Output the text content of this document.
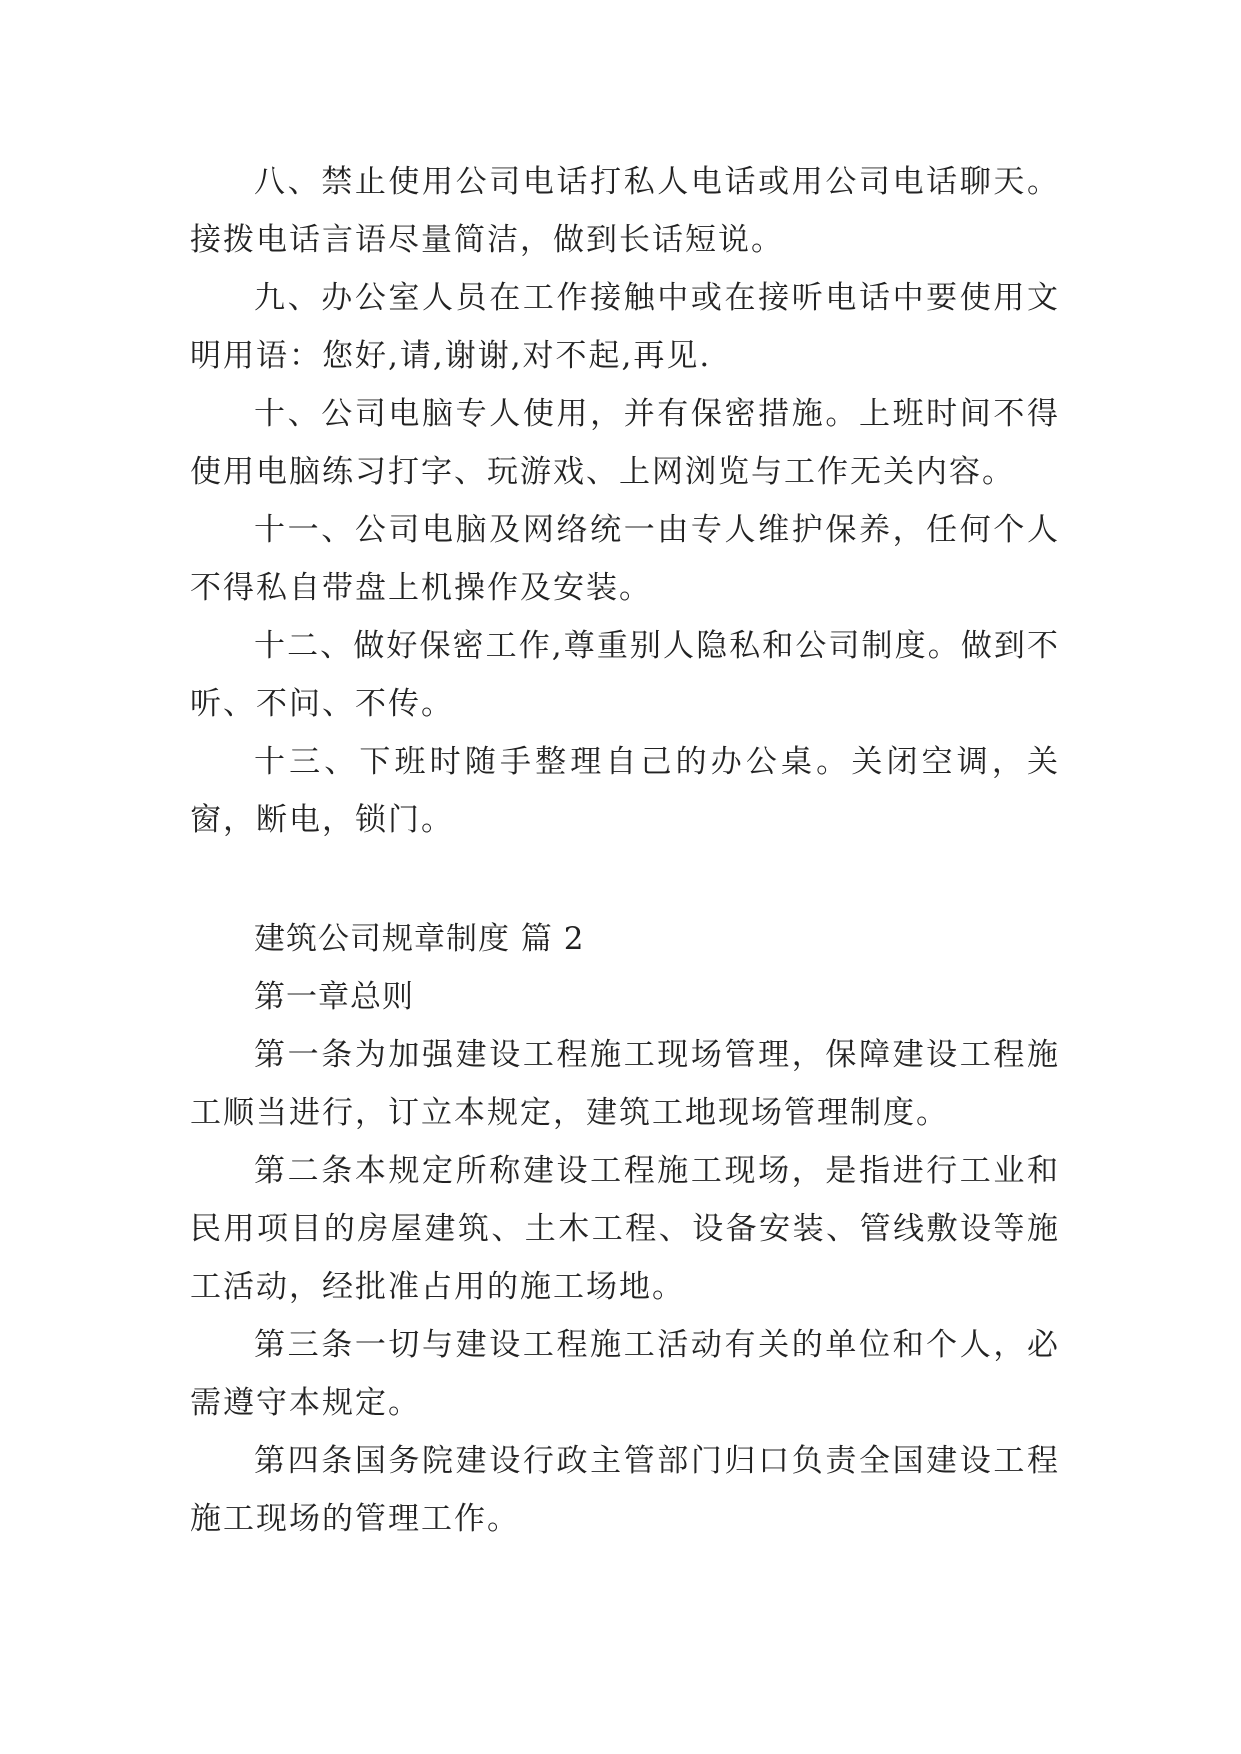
八、禁止使用公司电话打私人电话或用公司电话聊天。接拨电话言语尽量简洁，做到长话短说。

九、办公室人员在工作接触中或在接听电话中要使用文明用语：您好,请,谢谢,对不起,再见.

十、公司电脑专人使用，并有保密措施。上班时间不得使用电脑练习打字、玩游戏、上网浏览与工作无关内容。

十一、公司电脑及网络统一由专人维护保养，任何个人不得私自带盘上机操作及安装。

十二、做好保密工作,尊重别人隐私和公司制度。做到不听、不问、不传。

十三、下班时随手整理自己的办公桌。关闭空调，关窗，断电，锁门。

建筑公司规章制度 篇 2

第一章总则

第一条为加强建设工程施工现场管理，保障建设工程施工顺当进行，订立本规定，建筑工地现场管理制度。

第二条本规定所称建设工程施工现场，是指进行工业和民用项目的房屋建筑、土木工程、设备安装、管线敷设等施工活动，经批准占用的施工场地。

第三条一切与建设工程施工活动有关的单位和个人，必需遵守本规定。

第四条国务院建设行政主管部门归口负责全国建设工程施工现场的管理工作。
